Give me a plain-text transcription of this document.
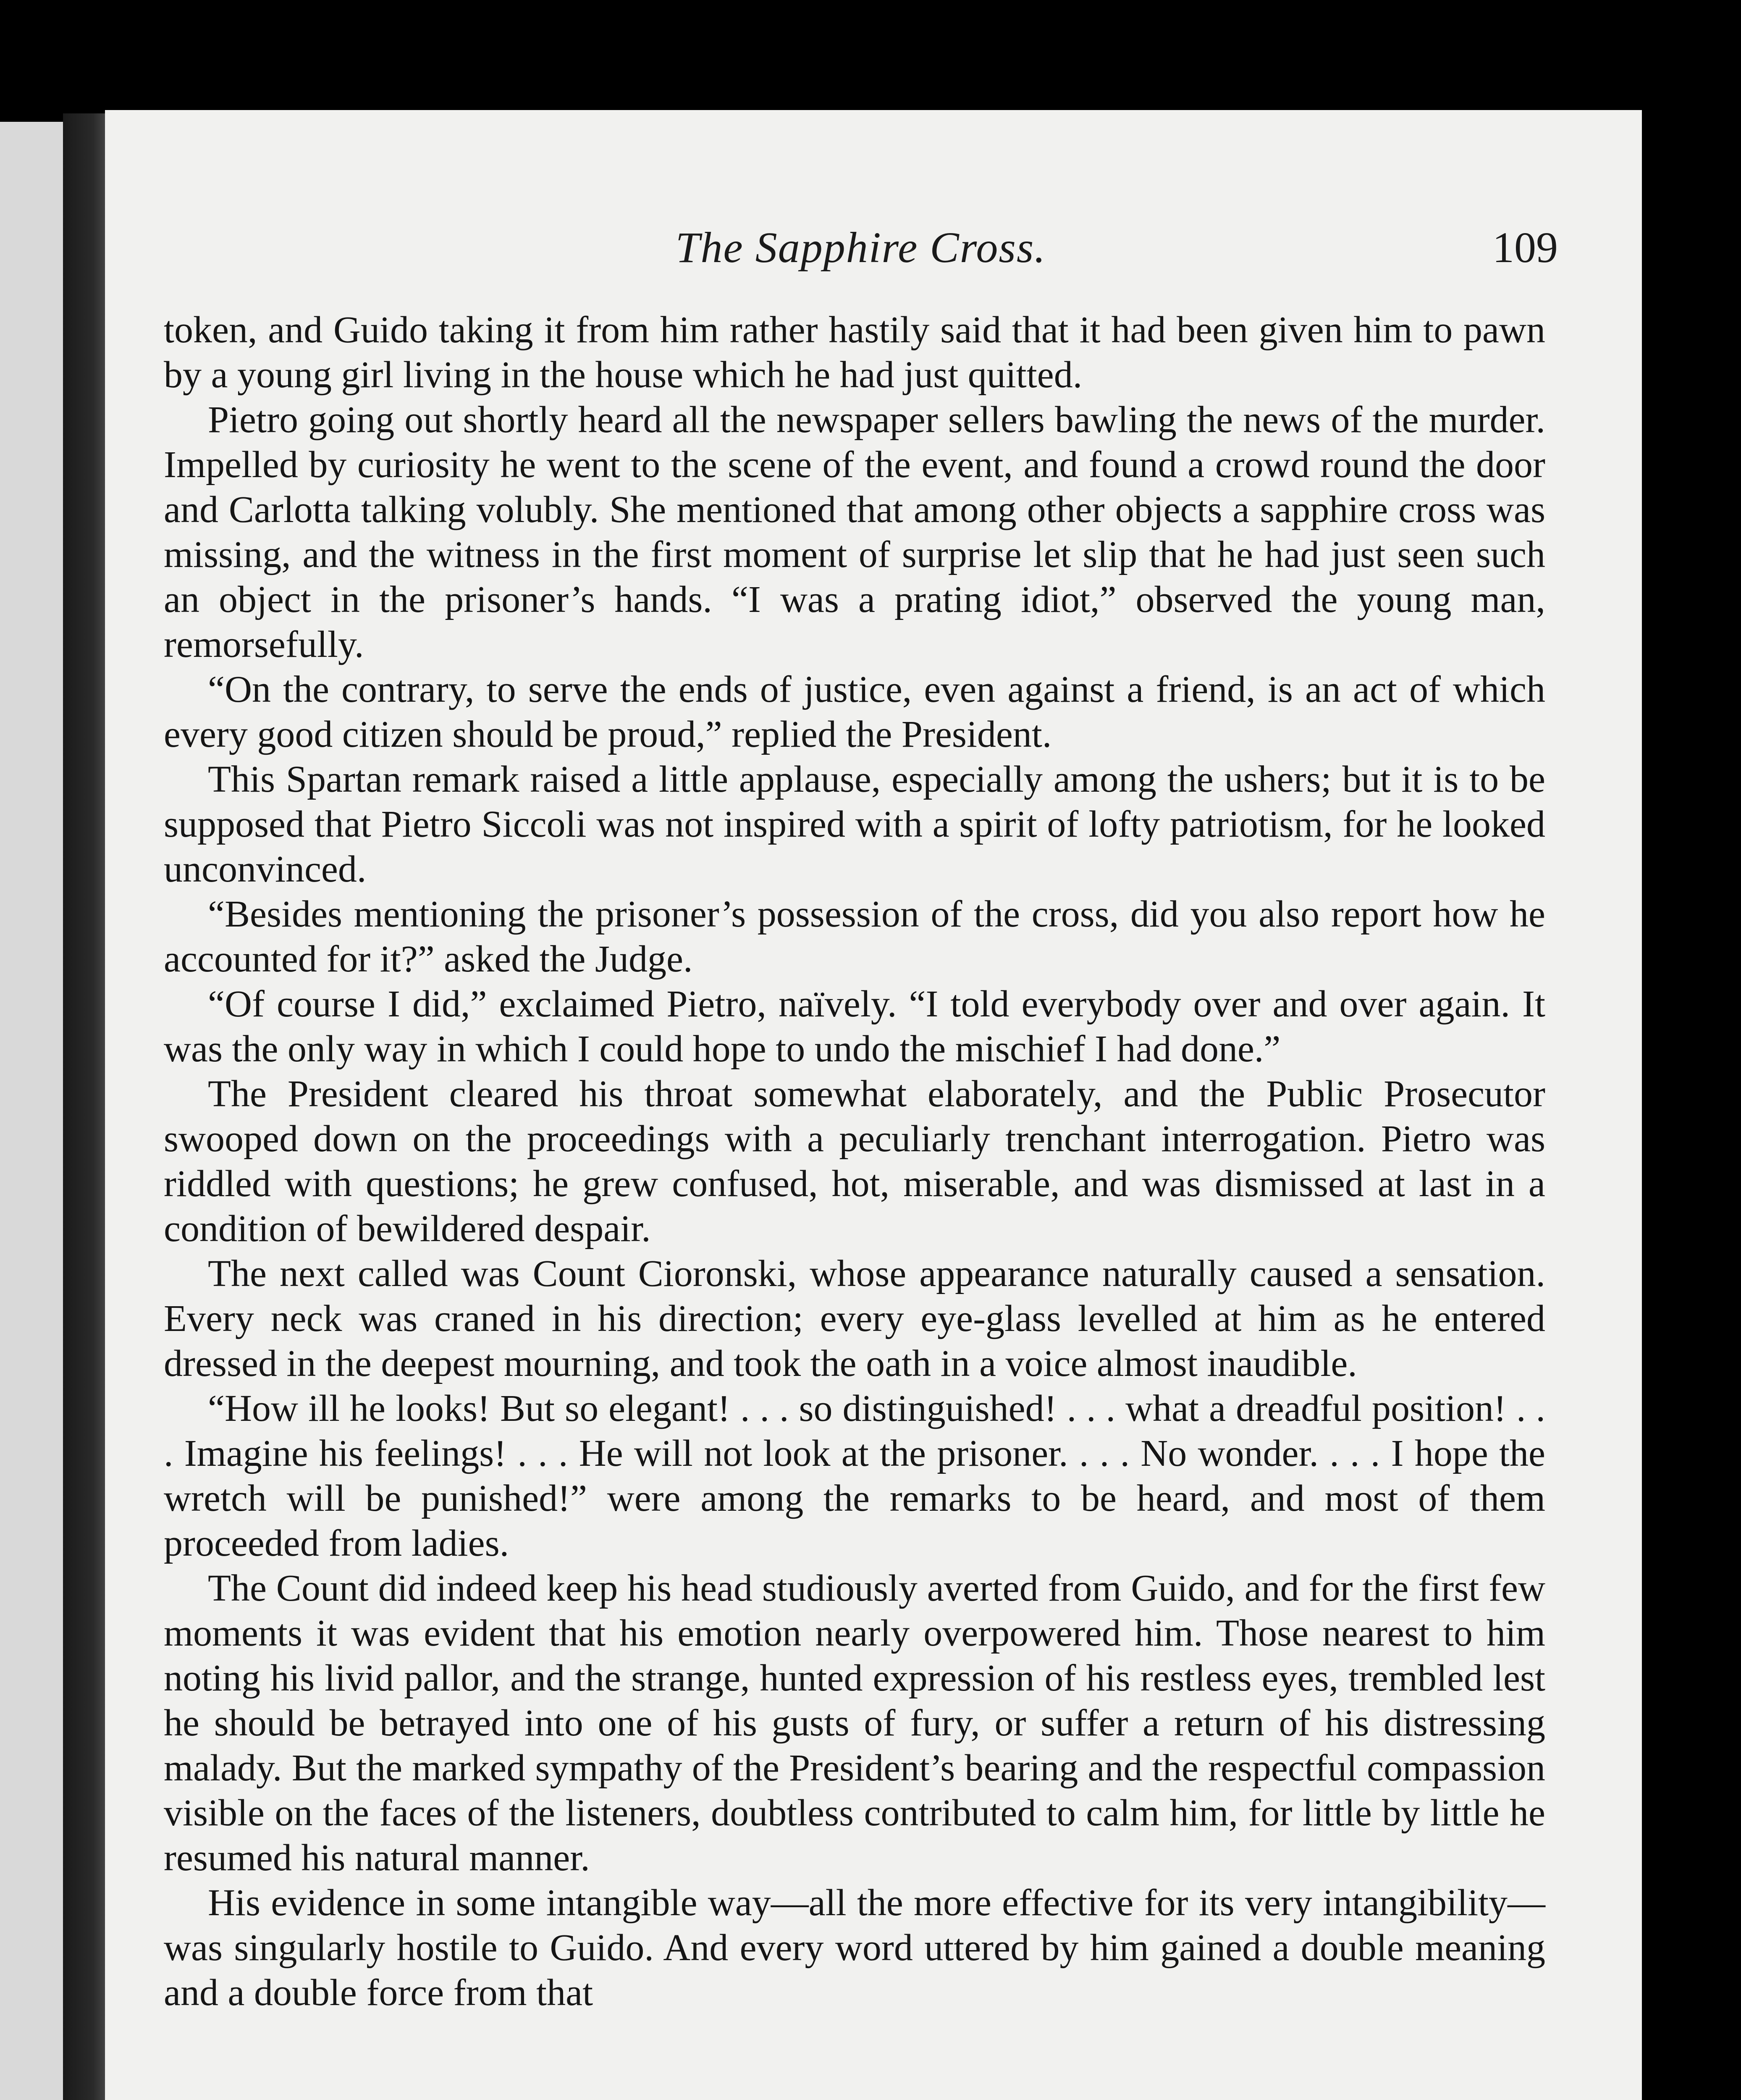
The Sapphire Cross.	109

token, and Guido taking it from him rather hastily said that it had been given him to pawn by a young girl living in the house which he had just quitted.

Pietro going out shortly heard all the newspaper sellers bawling the news of the murder. Impelled by curiosity he went to the scene of the event, and found a crowd round the door and Carlotta talking volubly. She mentioned that among other objects a sapphire cross was missing, and the witness in the first moment of surprise let slip that he had just seen such an object in the prisoner’s hands. “I was a prating idiot,” observed the young man, remorsefully.

“On the contrary, to serve the ends of justice, even against a friend, is an act of which every good citizen should be proud,” replied the President.

This Spartan remark raised a little applause, especially among the ushers; but it is to be supposed that Pietro Siccoli was not inspired with a spirit of lofty patriotism, for he looked unconvinced.

“Besides mentioning the prisoner’s possession of the cross, did you also report how he accounted for it?” asked the Judge.

“Of course I did,” exclaimed Pietro, naïvely. “I told everybody over and over again. It was the only way in which I could hope to undo the mischief I had done.”

The President cleared his throat somewhat elaborately, and the Public Prosecutor swooped down on the proceedings with a peculiarly trenchant interrogation. Pietro was riddled with questions; he grew confused, hot, miserable, and was dismissed at last in a condition of bewildered despair.

The next called was Count Cioronski, whose appearance naturally caused a sensation. Every neck was craned in his direction; every eye-glass levelled at him as he entered dressed in the deepest mourning, and took the oath in a voice almost inaudible.

“How ill he looks! But so elegant! . . . so distinguished! . . . what a dreadful position! . . . Imagine his feelings! . . . He will not look at the prisoner. . . . No wonder. . . . I hope the wretch will be punished!” were among the remarks to be heard, and most of them proceeded from ladies.

The Count did indeed keep his head studiously averted from Guido, and for the first few moments it was evident that his emotion nearly overpowered him. Those nearest to him noting his livid pallor, and the strange, hunted expression of his restless eyes, trembled lest he should be betrayed into one of his gusts of fury, or suffer a return of his distressing malady. But the marked sympathy of the President’s bearing and the respectful compassion visible on the faces of the listeners, doubtless contributed to calm him, for little by little he resumed his natural manner.

His evidence in some intangible way—all the more effective for its very intangibility—was singularly hostile to Guido. And every word uttered by him gained a double meaning and a double force from that
